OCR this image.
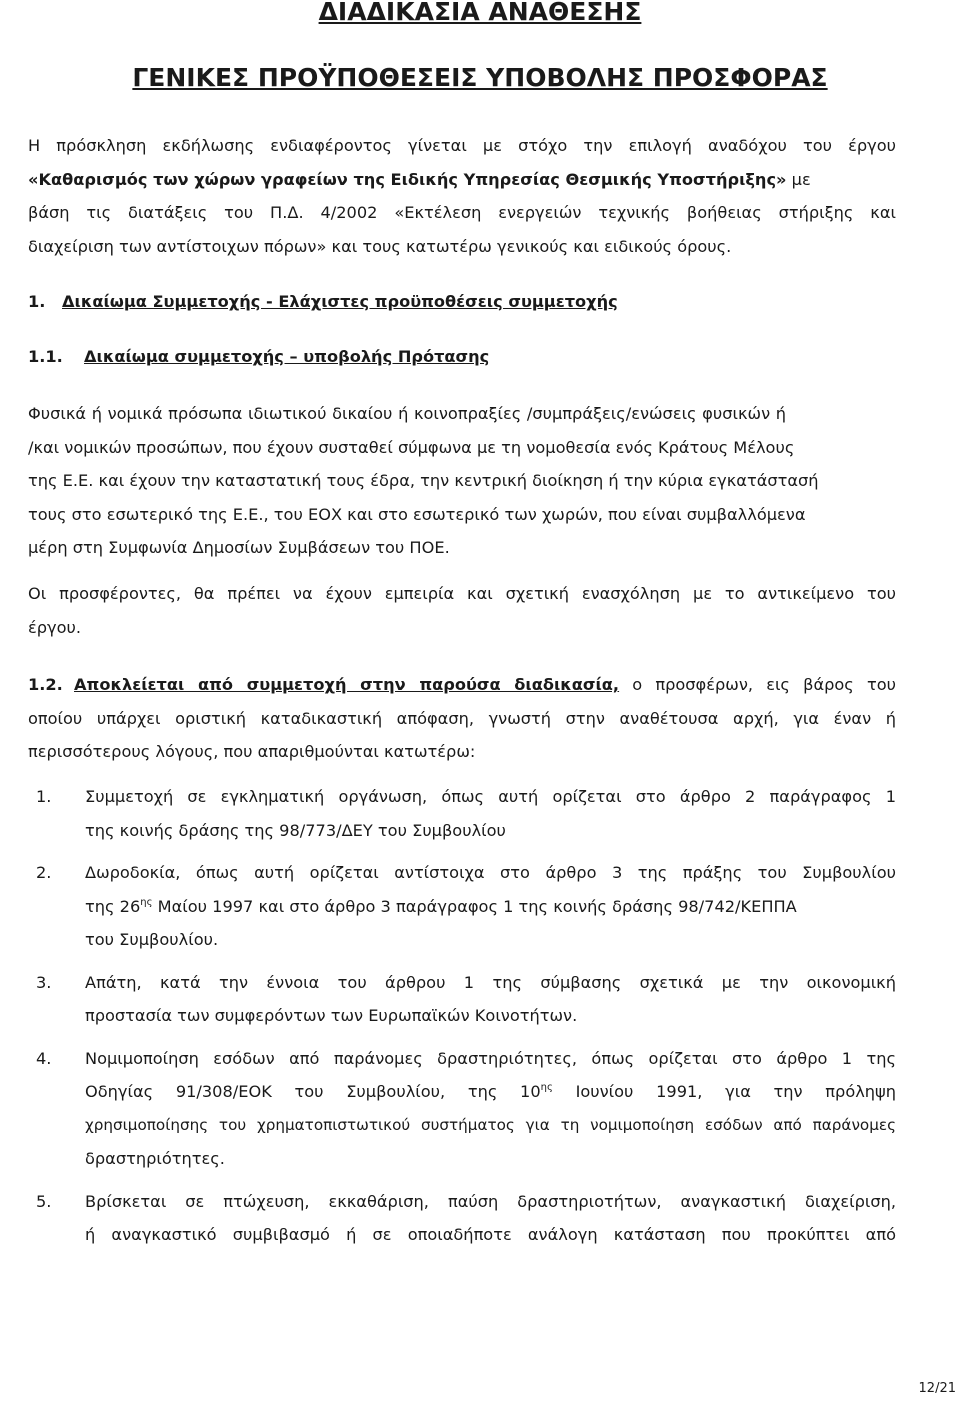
ΔΙΑΔΙΚΑΣΙΑ ΑΝΑΘΕΣΗΣ
ΓΕΝΙΚΕΣ ΠΡΟΫΠΟΘΕΣΕΙΣ ΥΠΟΒΟΛΗΣ ΠΡΟΣΦΟΡΑΣ
Η πρόσκληση εκδήλωσης ενδιαφέροντος γίνεται με στόχο την επιλογή αναδόχου του έργου
«Καθαρισμός των χώρων γραφείων της Ειδικής Υπηρεσίας Θεσμικής Υποστήριξης» με
βάση τις διατάξεις του Π.Δ. 4/2002 «Εκτέλεση ενεργειών τεχνικής βοήθειας στήριξης και
διαχείριση των αντίστοιχων πόρων» και τους κατωτέρω γενικούς και ειδικούς όρους.
1. Δικαίωμα Συμμετοχής - Ελάχιστες προϋποθέσεις συμμετοχής
1.1. Δικαίωμα συμμετοχής – υποβολής Πρότασης
Φυσικά ή νομικά πρόσωπα ιδιωτικού δικαίου ή κοινοπραξίες /συμπράξεις/ενώσεις φυσικών ή
/και νομικών προσώπων, που έχουν συσταθεί σύμφωνα με τη νομοθεσία ενός Κράτους Μέλους
της Ε.Ε. και έχουν την καταστατική τους έδρα, την κεντρική διοίκηση ή την κύρια εγκατάστασή
τους στο εσωτερικό της Ε.Ε., του ΕΟΧ και στο εσωτερικό των χωρών, που είναι συμβαλλόμενα
μέρη στη Συμφωνία Δημοσίων Συμβάσεων του ΠΟΕ.
Οι προσφέροντες, θα πρέπει να έχουν εμπειρία και σχετική ενασχόληση με το αντικείμενο του
έργου.
1.2. Αποκλείεται από συμμετοχή στην παρούσα διαδικασία, ο προσφέρων, εις βάρος του
οποίου υπάρχει οριστική καταδικαστική απόφαση, γνωστή στην αναθέτουσα αρχή, για έναν ή
περισσότερους λόγους, που απαριθμούνται κατωτέρω:
1. Συμμετοχή σε εγκληματική οργάνωση, όπως αυτή ορίζεται στο άρθρο 2 παράγραφος 1
της κοινής δράσης της 98/773/ΔΕΥ του Συμβουλίου
2. Δωροδοκία, όπως αυτή ορίζεται αντίστοιχα στο άρθρο 3 της πράξης του Συμβουλίου
της $26^{\eta\varsigma}$ Μαίου 1997 και στο άρθρο 3 παράγραφος 1 της κοινής δράσης 98/742/ΚΕΠΠΑ
του Συμβουλίου.
3. Απάτη, κατά την έννοια του άρθρου 1 της σύμβασης σχετικά με την οικονομική
προστασία των συμφερόντων των Ευρωπαϊκών Κοινοτήτων.
4. Νομιμοποίηση εσόδων από παράνομες δραστηριότητες, όπως ορίζεται στο άρθρο 1 της
Οδηγίας 91/308/ΕΟΚ του Συμβουλίου, της $10^{\eta\varsigma}$ Ιουνίου 1991, για την πρόληψη
χρησιμοποίησης του χρηματοπιστωτικού συστήματος για τη νομιμοποίηση εσόδων από παράνομες
δραστηριότητες.
5. Βρίσκεται σε πτώχευση, εκκαθάριση, παύση δραστηριοτήτων, αναγκαστική διαχείριση,
ή αναγκαστικό συμβιβασμό ή σε οποιαδήποτε ανάλογη κατάσταση που προκύπτει από
12/21
